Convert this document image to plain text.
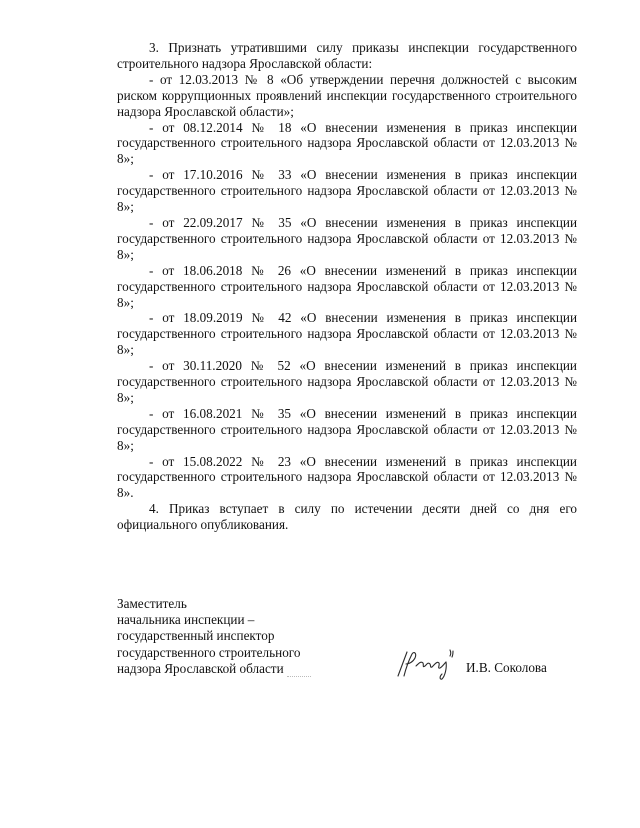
3. Признать утратившими силу приказы инспекции государственного строительного надзора Ярославской области:

- от 12.03.2013 № 8 «Об утверждении перечня должностей с высоким риском коррупционных проявлений инспекции государственного строительного надзора Ярославской области»;

- от 08.12.2014 № 18 «О внесении изменения в приказ инспекции государственного строительного надзора Ярославской области от 12.03.2013 № 8»;

- от 17.10.2016 № 33 «О внесении изменения в приказ инспекции государственного строительного надзора Ярославской области от 12.03.2013 № 8»;

- от 22.09.2017 № 35 «О внесении изменения в приказ инспекции государственного строительного надзора Ярославской области от 12.03.2013 № 8»;

- от 18.06.2018 № 26 «О внесении изменений в приказ инспекции государственного строительного надзора Ярославской области от 12.03.2013 № 8»;

- от 18.09.2019 № 42 «О внесении изменения в приказ инспекции государственного строительного надзора Ярославской области от 12.03.2013 № 8»;

- от 30.11.2020 № 52 «О внесении изменений в приказ инспекции государственного строительного надзора Ярославской области от 12.03.2013 № 8»;

- от 16.08.2021 № 35 «О внесении изменений в приказ инспекции государственного строительного надзора Ярославской области от 12.03.2013 № 8»;

- от 15.08.2022 № 23 «О внесении изменений в приказ инспекции государственного строительного надзора Ярославской области от 12.03.2013 № 8».

4. Приказ вступает в силу по истечении десяти дней со дня его официального опубликования.

Заместитель
начальника инспекции –
государственный инспектор
государственного строительного
надзора Ярославской области	И.В. Соколова
